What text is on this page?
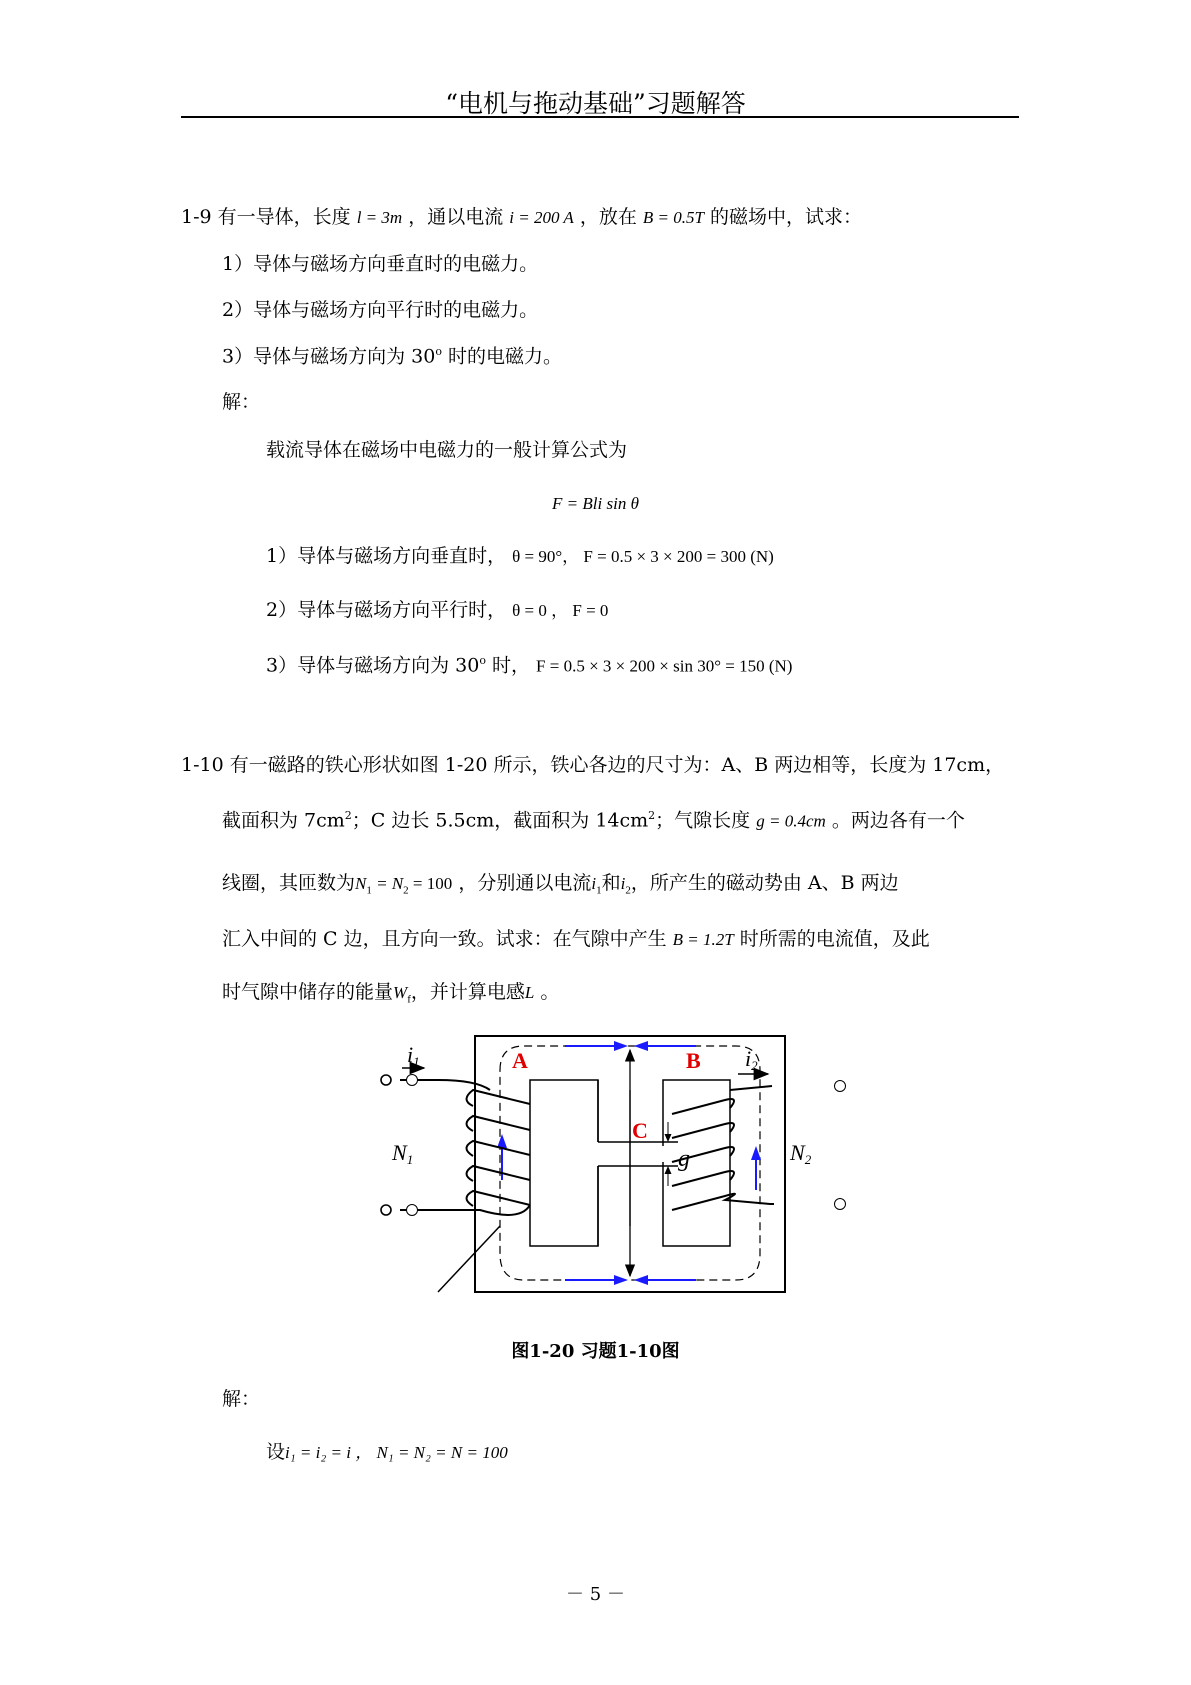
“电机与拖动基础”习题解答
1-9 有一导体，长度 l = 3m ，通以电流 i = 200 A ，放在 B = 0.5T 的磁场中，试求：
1）导体与磁场方向垂直时的电磁力。
2）导体与磁场方向平行时的电磁力。
3）导体与磁场方向为 30$^o$ 时的电磁力。
解：
载流导体在磁场中电磁力的一般计算公式为
F = Bli sin θ
1）导体与磁场方向垂直时， θ = 90°， F = 0.5 × 3 × 200 = 300 (N)
2）导体与磁场方向平行时， θ = 0 ， F = 0
3）导体与磁场方向为 30$^o$ 时， F = 0.5 × 3 × 200 × sin 30° = 150 (N)
1-10 有一磁路的铁心形状如图 1-20 所示，铁心各边的尺寸为：A、B 两边相等，长度为 17cm，
截面积为 $7cm^2$；C 边长 5.5cm，截面积为 $14cm^2$；气隙长度 g = 0.4cm 。两边各有一个
线圈，其匝数为$N_1 = N_2 = 100$ ，分别通以电流$i_1$和$i_2$，所产生的磁动势由 A、B 两边
汇入中间的 C 边，且方向一致。试求：在气隙中产生 B = 1.2T 时所需的电流值，及此
时气隙中储存的能量$W_f$，并计算电感L 。
A	B
C
g
i1	i2
N1	N2
图1-20 习题1-10图
解：
设i₁ = i₂ = i ， N₁ = N₂ = N = 100
－ 5 －
